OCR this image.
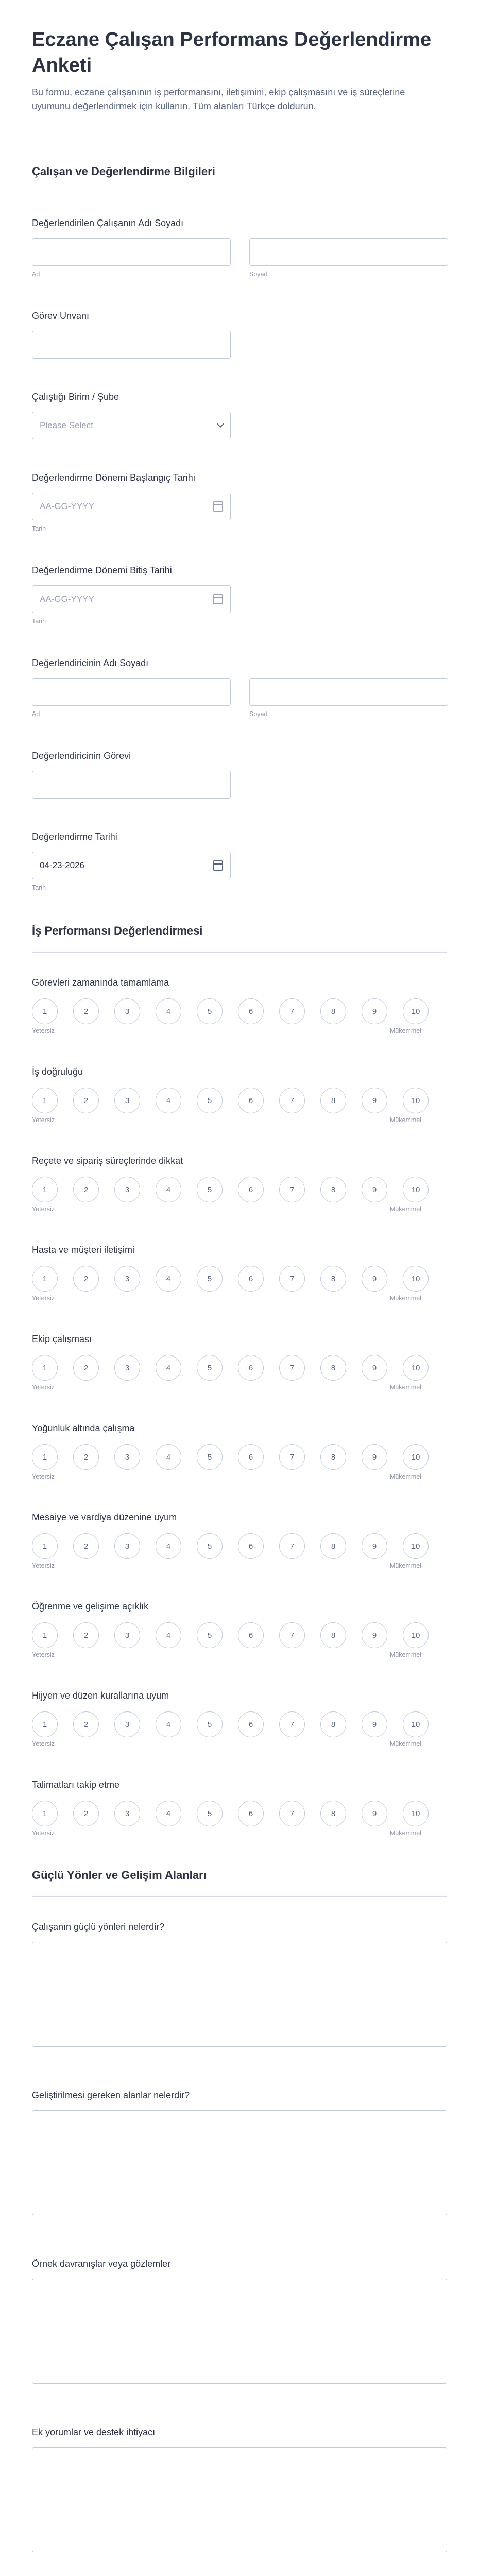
Eczane Çalışan Performans Değerlendirme Anketi

Bu formu, eczane çalışanının iş performansını, iletişimini, ekip çalışmasını ve iş süreçlerine uyumunu değerlendirmek için kullanın. Tüm alanları Türkçe doldurun.

Çalışan ve Değerlendirme Bilgileri
Değerlendirilen Çalışanın Adı Soyadı
Ad	Soyad
Görev Unvanı
Çalıştığı Birim / Şube
Please Select
Değerlendirme Dönemi Başlangıç Tarihi
AA-GG-YYYY
Tarih
Değerlendirme Dönemi Bitiş Tarihi
AA-GG-YYYY
Tarih
Değerlendiricinin Adı Soyadı
Ad	Soyad
Değerlendiricinin Görevi
Değerlendirme Tarihi
04-23-2026
Tarih
İş Performansı Değerlendirmesi
Görevleri zamanında tamamlama
1	2	3	4	5	6	7	8	9	10
Yetersiz	Mükemmel
İş doğruluğu
1	2	3	4	5	6	7	8	9	10
Yetersiz	Mükemmel
Reçete ve sipariş süreçlerinde dikkat
1	2	3	4	5	6	7	8	9	10
Yetersiz	Mükemmel
Hasta ve müşteri iletişimi
1	2	3	4	5	6	7	8	9	10
Yetersiz	Mükemmel
Ekip çalışması
1	2	3	4	5	6	7	8	9	10
Yetersiz	Mükemmel
Yoğunluk altında çalışma
1	2	3	4	5	6	7	8	9	10
Yetersiz	Mükemmel
Mesaiye ve vardiya düzenine uyum
1	2	3	4	5	6	7	8	9	10
Yetersiz	Mükemmel
Öğrenme ve gelişime açıklık
1	2	3	4	5	6	7	8	9	10
Yetersiz	Mükemmel
Hijyen ve düzen kurallarına uyum
1	2	3	4	5	6	7	8	9	10
Yetersiz	Mükemmel
Talimatları takip etme
1	2	3	4	5	6	7	8	9	10
Yetersiz	Mükemmel
Güçlü Yönler ve Gelişim Alanları
Çalışanın güçlü yönleri nelerdir?
Geliştirilmesi gereken alanlar nelerdir?
Örnek davranışlar veya gözlemler
Ek yorumlar ve destek ihtiyacı
